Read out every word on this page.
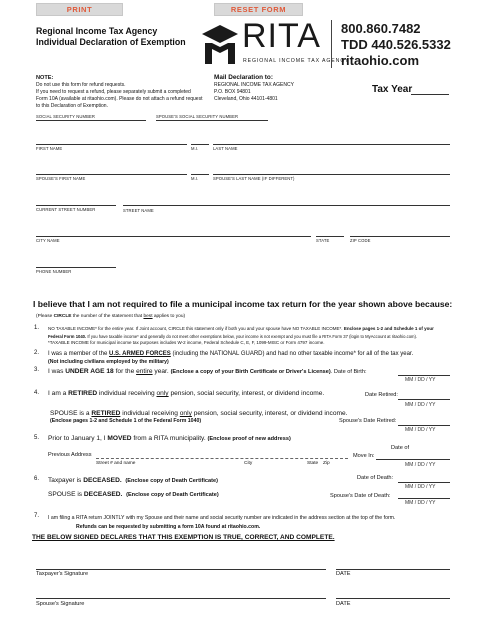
PRINT	RESET FORM
Regional Income Tax Agency
Individual Declaration of Exemption RITA
REGIONAL INCOME TAX AGENCY
800.860.7482
TDD 440.526.5332
ritaohio.com
NOTE:
Do not use this form for refund requests.
If you need to request a refund, please separately submit a completed
Form 10A (available at ritaohio.com). Please do not attach a refund request
to this Declaration of Exemption.
Mail Declaration to:
REGIONAL INCOME TAX AGENCY
P.O. BOX 94801
Cleveland, Ohio 44101-4801
Tax Year
SOCIAL SECURITY NUMBER	SPOUSE'S SOCIAL SECURITY NUMBER
FIRST NAME	M.I.	LAST NAME
SPOUSE'S FIRST NAME	M.I.	SPOUSE'S LAST NAME (IF DIFFERENT)
CURRENT STREET NUMBER	STREET NAME
CITY NAME	STATE	ZIP CODE
PHONE NUMBER
I believe that I am not required to file a municipal income tax return for the year shown above because:
(Please CIRCLE the number of the statement that best applies to you)
1. NO TAXABLE INCOME* for the entire year. If Joint account, CIRCLE this statement only if both you and your spouse have NO TAXABLE INCOME*. Enclose pages 1-2 and Schedule 1 of your
Federal Form 1040. If you have taxable income* and generally do not meet other exemptions below, your income is not exempt and you must file a RITA Form 37 (login to MyAccount at ritaohio.com).
*TAXABLE INCOME for municipal income tax purposes includes W-2 income, Federal Schedule C, E, F, 1099-MISC or Form 4797 income.
2. I was a member of the U.S. ARMED FORCES (including the NATIONAL GUARD) and had no other taxable income* for all of the tax year.
(Not including civilians employed by the military)
3. I was UNDER AGE 18 for the entire year. (Enclose a copy of your Birth Certificate or Driver's License). Date of Birth:
MM / DD / YY
4. I am a RETIRED individual receiving only pension, social security, interest, or dividend income.	Date Retired:
MM / DD / YY
SPOUSE is a RETIRED individual receiving only pension, social security, interest, or dividend income.
(Enclose pages 1-2 and Schedule 1 of the Federal Form 1040)	Spouse's Date Retired:
MM / DD / YY
5. Prior to January 1, I MOVED from a RITA municipality. (Enclose proof of new address)
Date of
Previous Address	Move In:
Street # and name	City	State Zip	MM / DD / YY
6. Taxpayer is DECEASED. (Enclose copy of Death Certificate)	Date of Death:
MM / DD / YY
SPOUSE is DECEASED. (Enclose copy of Death Certificate)	Spouse's Date of Death:
MM / DD / YY
7. I am filing a RITA return JOINTLY with my Spouse and their name and social security number are indicated in the address section at the top of the form.
Refunds can be requested by submitting a form 10A found at ritaohio.com.
THE BELOW SIGNED DECLARES THAT THIS EXEMPTION IS TRUE, CORRECT, AND COMPLETE.
Taxpayer's Signature	DATE
Spouse's Signature	DATE
